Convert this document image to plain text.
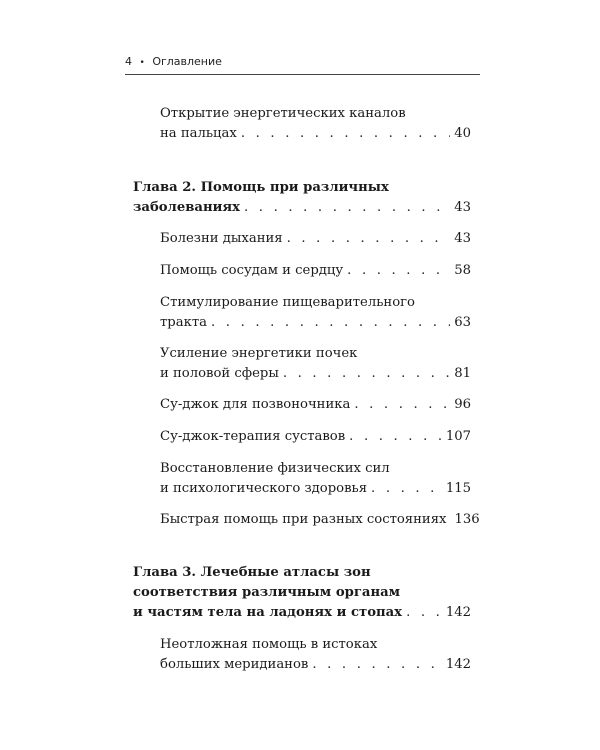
4 • Оглавление
Открытие энергетических каналов
на пальцах . . .	40
Глава 2. Помощь при различных
заболеваниях . . .	43
Болезни дыхания . . .	43
Помощь сосудам и сердцу . . .	58
Стимулирование пищеварительного
тракта . . .	63
Усиление энергетики почек
и половой сферы . . .	81
Су-джок для позвоночника . . .	96
Су-джок-терапия суставов . . .	107
Восстановление физических сил
и психологического здоровья . . .	115
Быстрая помощь при разных состояниях 136
Глава 3. Лечебные атласы зон
соответствия различным органам
и частям тела на ладонях и стопах . . .	142
Неотложная помощь в истоках
больших меридианов . . .	142
